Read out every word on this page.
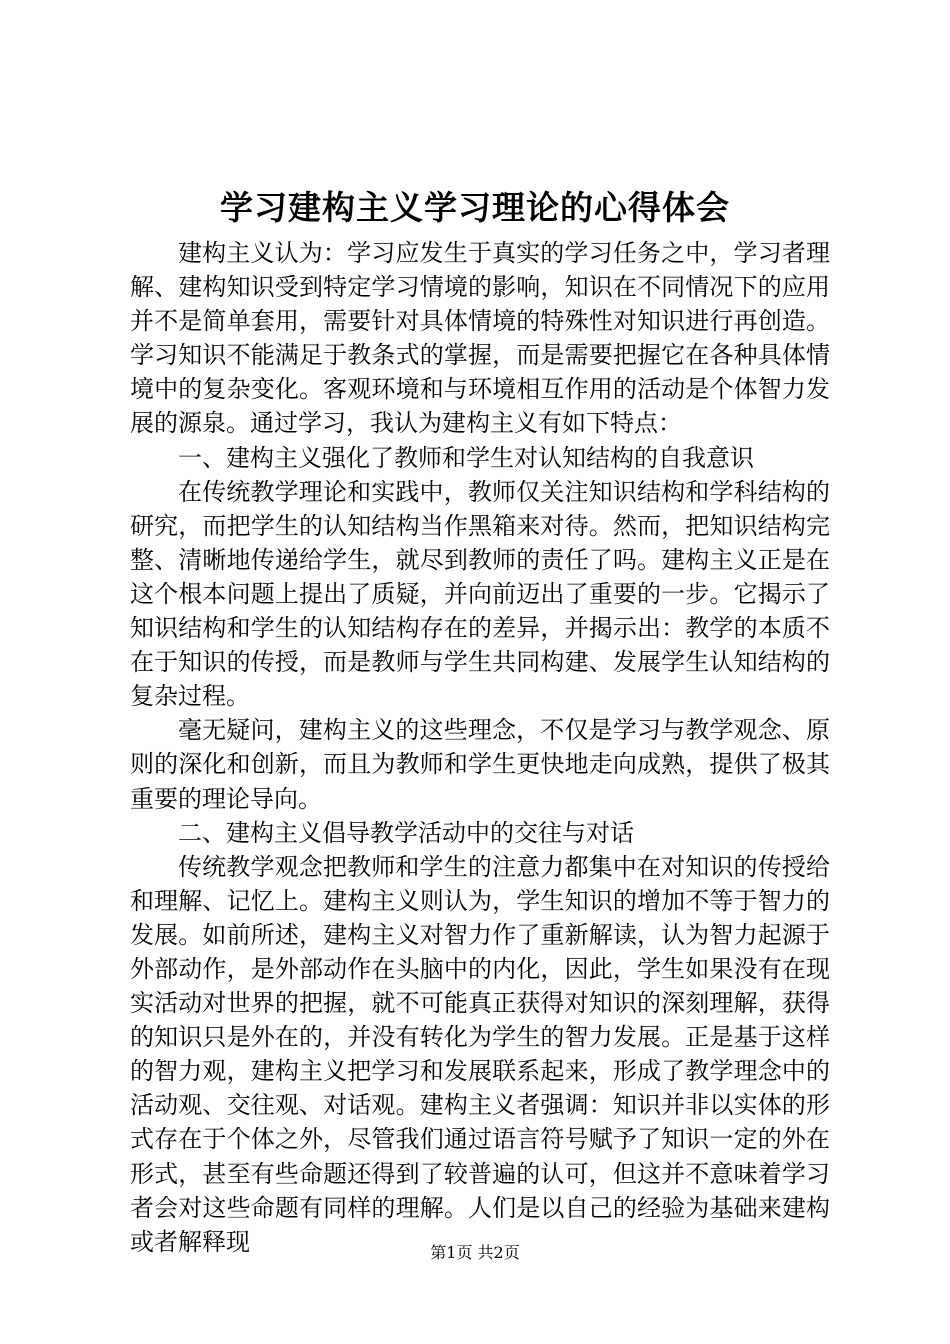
学习建构主义学习理论的心得体会

建构主义认为：学习应发生于真实的学习任务之中，学习者理解、建构知识受到特定学习情境的影响，知识在不同情况下的应用并不是简单套用，需要针对具体情境的特殊性对知识进行再创造。学习知识不能满足于教条式的掌握，而是需要把握它在各种具体情境中的复杂变化。客观环境和与环境相互作用的活动是个体智力发展的源泉。通过学习，我认为建构主义有如下特点：

一、建构主义强化了教师和学生对认知结构的自我意识

在传统教学理论和实践中，教师仅关注知识结构和学科结构的研究，而把学生的认知结构当作黑箱来对待。然而，把知识结构完整、清晰地传递给学生，就尽到教师的责任了吗。建构主义正是在这个根本问题上提出了质疑，并向前迈出了重要的一步。它揭示了知识结构和学生的认知结构存在的差异，并揭示出：教学的本质不在于知识的传授，而是教师与学生共同构建、发展学生认知结构的复杂过程。

毫无疑问，建构主义的这些理念，不仅是学习与教学观念、原则的深化和创新，而且为教师和学生更快地走向成熟，提供了极其重要的理论导向。

二、建构主义倡导教学活动中的交往与对话

传统教学观念把教师和学生的注意力都集中在对知识的传授给和理解、记忆上。建构主义则认为，学生知识的增加不等于智力的发展。如前所述，建构主义对智力作了重新解读，认为智力起源于外部动作，是外部动作在头脑中的内化，因此，学生如果没有在现实活动对世界的把握，就不可能真正获得对知识的深刻理解，获得的知识只是外在的，并没有转化为学生的智力发展。正是基于这样的智力观，建构主义把学习和发展联系起来，形成了教学理念中的活动观、交往观、对话观。建构主义者强调：知识并非以实体的形式存在于个体之外，尽管我们通过语言符号赋予了知识一定的外在形式，甚至有些命题还得到了较普遍的认可，但这并不意味着学习者会对这些命题有同样的理解。人们是以自己的经验为基础来建构或者解释现	第1页 共2页
